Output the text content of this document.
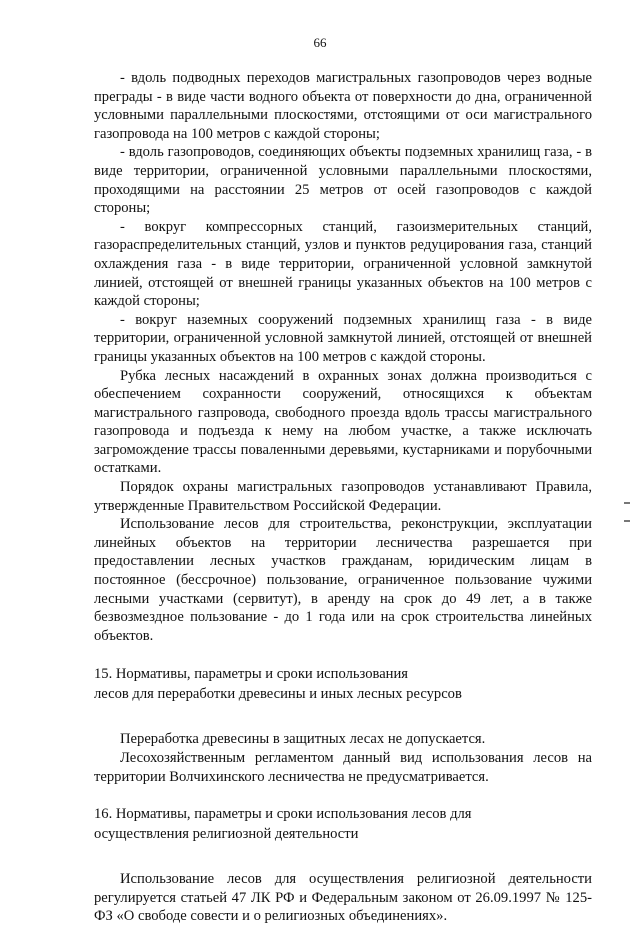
66

- вдоль подводных переходов магистральных газопроводов через водные преграды - в виде части водного объекта от поверхности до дна, ограниченной условными параллельными плоскостями, отстоящими от оси магистрального газопровода на 100 метров с каждой стороны;

- вдоль газопроводов, соединяющих объекты подземных хранилищ газа, - в виде территории, ограниченной условными параллельными плоскостями, проходящими на расстоянии 25 метров от осей газопроводов с каждой стороны;

- вокруг компрессорных станций, газоизмерительных станций, газораспределительных станций, узлов и пунктов редуцирования газа, станций охлаждения газа - в виде территории, ограниченной условной замкнутой линией, отстоящей от внешней границы указанных объектов на 100 метров с каждой стороны;

- вокруг наземных сооружений подземных хранилищ газа - в виде территории, ограниченной условной замкнутой линией, отстоящей от внешней границы указанных объектов на 100 метров с каждой стороны.

Рубка лесных насаждений в охранных зонах должна производиться с обеспечением сохранности сооружений, относящихся к объектам магистрального газпровода, свободного проезда вдоль трассы магистрального газопровода и подъезда к нему на любом участке, а также исключать загромождение трассы поваленными деревьями, кустарниками и порубочными остатками.

Порядок охраны магистральных газопроводов устанавливают Правила, утвержденные Правительством Российской Федерации.

Использование лесов для строительства, реконструкции, эксплуатации линейных объектов на территории лесничества разрешается при предоставлении лесных участков гражданам, юридическим лицам в постоянное (бессрочное) пользование, ограниченное пользование чужими лесными участками (сервитут), в аренду на срок до 49 лет, а в также безвозмездное пользование - до 1 года или на срок строительства линейных объектов.

15. Нормативы, параметры и сроки использования

лесов для переработки древесины и иных лесных ресурсов

Переработка древесины в защитных лесах не допускается.

Лесохозяйственным регламентом данный вид использования лесов на территории Волчихинского лесничества не предусматривается.

16. Нормативы, параметры и сроки использования лесов для

осуществления религиозной деятельности

Использование лесов для осуществления религиозной деятельности регулируется статьей 47 ЛК РФ и Федеральным законом от 26.09.1997 № 125-ФЗ «О свободе совести и о религиозных объединениях».
